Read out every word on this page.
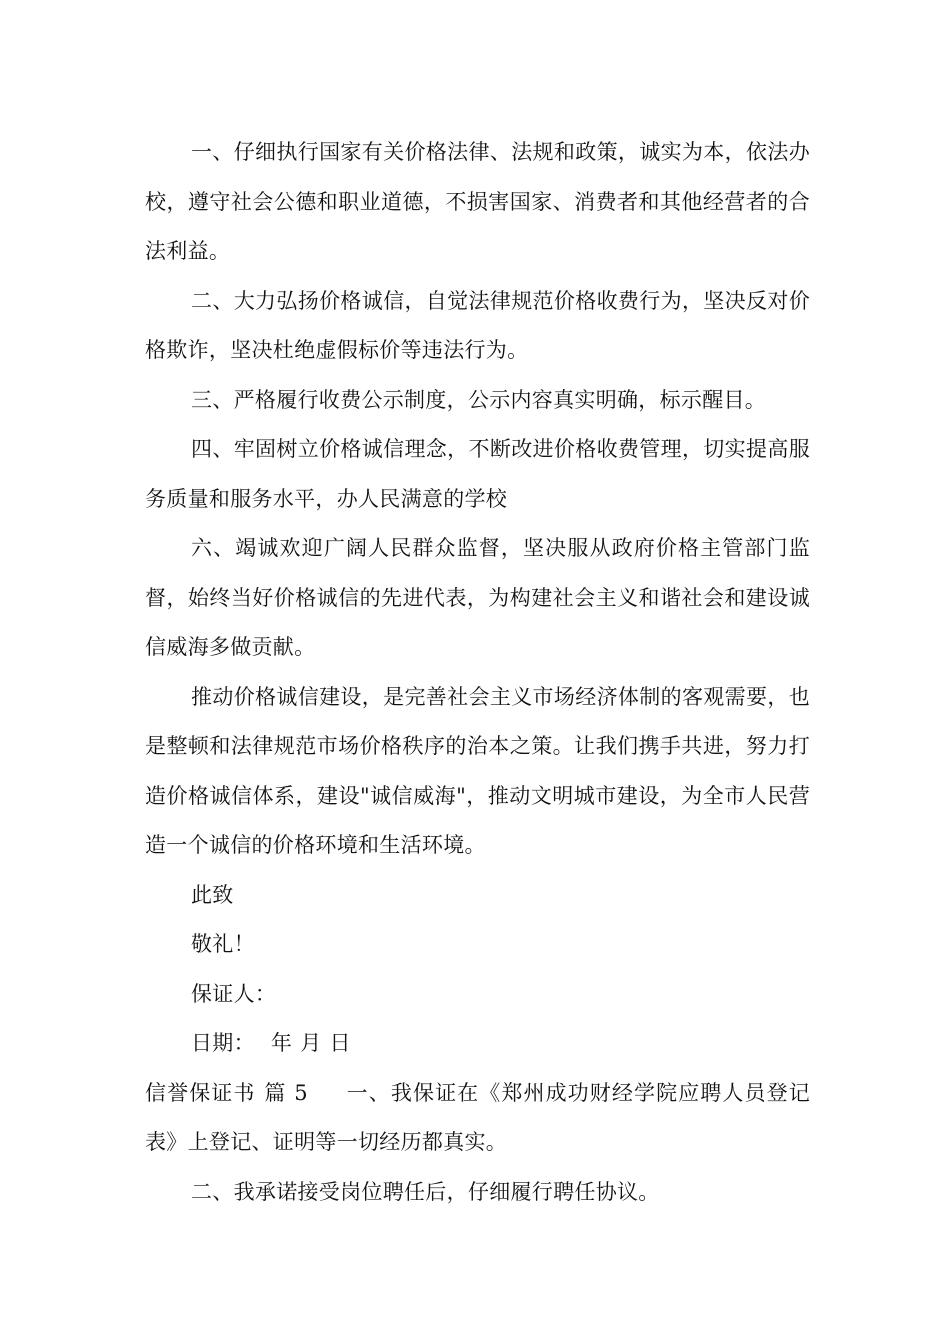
一、仔细执行国家有关价格法律、法规和政策，诚实为本，依法办校，遵守社会公德和职业道德，不损害国家、消费者和其他经营者的合法利益。

二、大力弘扬价格诚信，自觉法律规范价格收费行为，坚决反对价格欺诈，坚决杜绝虚假标价等违法行为。

三、严格履行收费公示制度，公示内容真实明确，标示醒目。

四、牢固树立价格诚信理念，不断改进价格收费管理，切实提高服务质量和服务水平，办人民满意的学校

六、竭诚欢迎广阔人民群众监督，坚决服从政府价格主管部门监督，始终当好价格诚信的先进代表，为构建社会主义和谐社会和建设诚信威海多做贡献。

推动价格诚信建设，是完善社会主义市场经济体制的客观需要，也是整顿和法律规范市场价格秩序的治本之策。让我们携手共进，努力打造价格诚信体系，建设"诚信威海"，推动文明城市建设，为全市人民营造一个诚信的价格环境和生活环境。

此致

敬礼！

保证人：

日期： 年 月 日

信誉保证书 篇 5 一、我保证在《郑州成功财经学院应聘人员登记表》上登记、证明等一切经历都真实。

二、我承诺接受岗位聘任后，仔细履行聘任协议。
